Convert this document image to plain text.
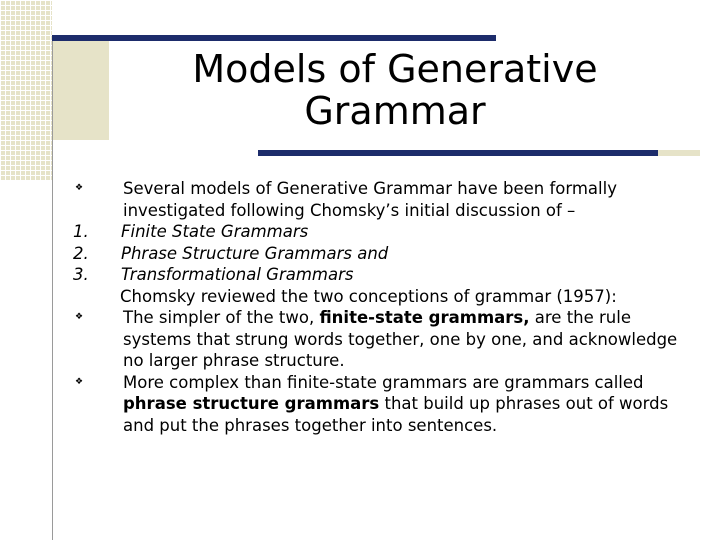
Models of Generative
Grammar
❖	Several models of Generative Grammar have been formally investigated following Chomsky’s initial discussion of –
1.	Finite State Grammars
2.	Phrase Structure Grammars and
3.	Transformational Grammars
Chomsky reviewed the two conceptions of grammar (1957):
❖	The simpler of the two, finite-state grammars, are the rule systems that strung words together, one by one, and acknowledge no larger phrase structure.
❖	More complex than finite-state grammars are grammars called phrase structure grammars that build up phrases out of words and put the phrases together into sentences.
